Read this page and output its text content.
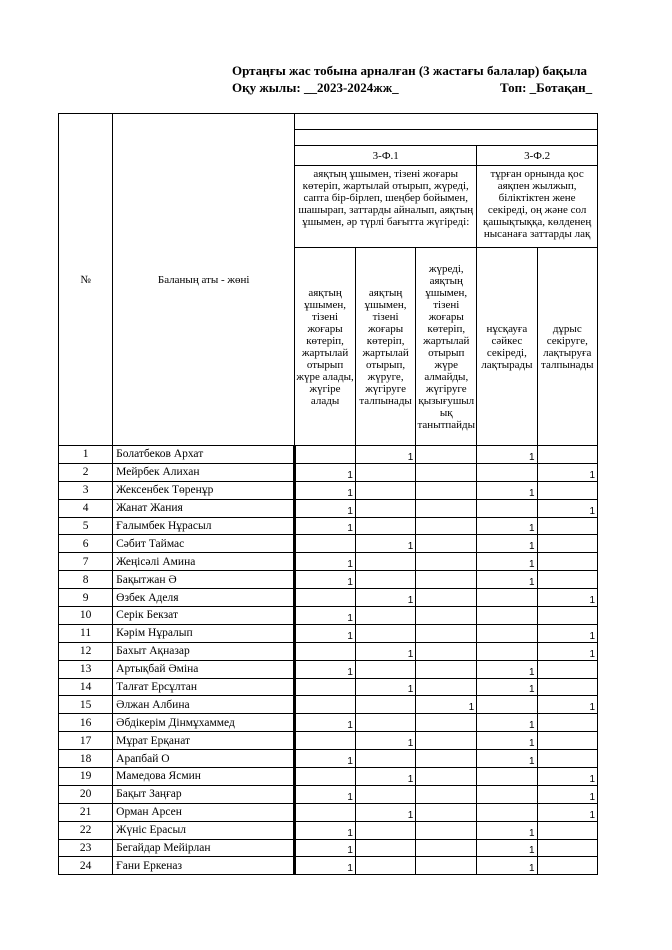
Ортаңғы жас тобына арналған (3 жастағы балалар) бақыла
Оқу жылы: __2023-2024жж_	Топ: _Ботақан_
№	Баланың аты - жөні					

		3-Ф.1			3-Ф.2	
		аяқтың ұшымен, тізені жоғары көтеріп, жартылай отырып, жүреді, сапта бір-бірлеп, шеңбер бойымен, шашырап, заттарды айналып, аяқтың ұшымен, әр түрлі бағытта жүгіреді:			тұрған орнында қос аяқпен жылжып, біліктіктен жене секіреді, оң және сол қашықтыққа, көлденең нысанаға заттарды лақ	
		аяқтың ұшымен, тізені жоғары көтеріп, жартылай отырып жүре алады, жүгіре алады	аяқтың ұшымен, тізені жоғары көтеріп, жартылай отырып, жүруге, жүгіруге талпынады	жүреді, аяқтың ұшымен, тізені жоғары көтеріп, жартылай отырып жүре алмайды, жүгіруге қызығушыл ық танытпайды	нұсқауға сәйкес секіреді, лақтырады	дұрыс секіруге, лақтыруға талпынады
1	Болатбеков Архат		1		1	
2	Мейрбек Алихан	1				1
3	Жексенбек Төренұр	1			1	
4	Жанат Жания	1				1
5	Ғалымбек Нұрасыл	1			1	
6	Сәбит Таймас		1		1	
7	Жеңісәлі Амина	1			1	
8	Бақытжан Ә	1			1	
9	Өзбек Аделя		1			1
10	Серік Бекзат	1				
11	Кәрім Нұралып	1				1
12	Бахыт Ақназар		1			1
13	Артықбай Әміна	1			1	
14	Талғат Ерсұлтан		1		1	
15	Әлжан Албина			1		1
16	Әбдікерім Дінмұхаммед	1			1	
17	Мұрат Ерқанат		1		1	
18	Арапбай О	1			1	
19	Мамедова Ясмин		1			1
20	Бақыт Заңғар	1				1
21	Орман Арсен		1			1
22	Жүніс Ерасыл	1			1	
23	Бегайдар Мейірлан	1			1	
24	Ғани Еркеназ	1			1	
